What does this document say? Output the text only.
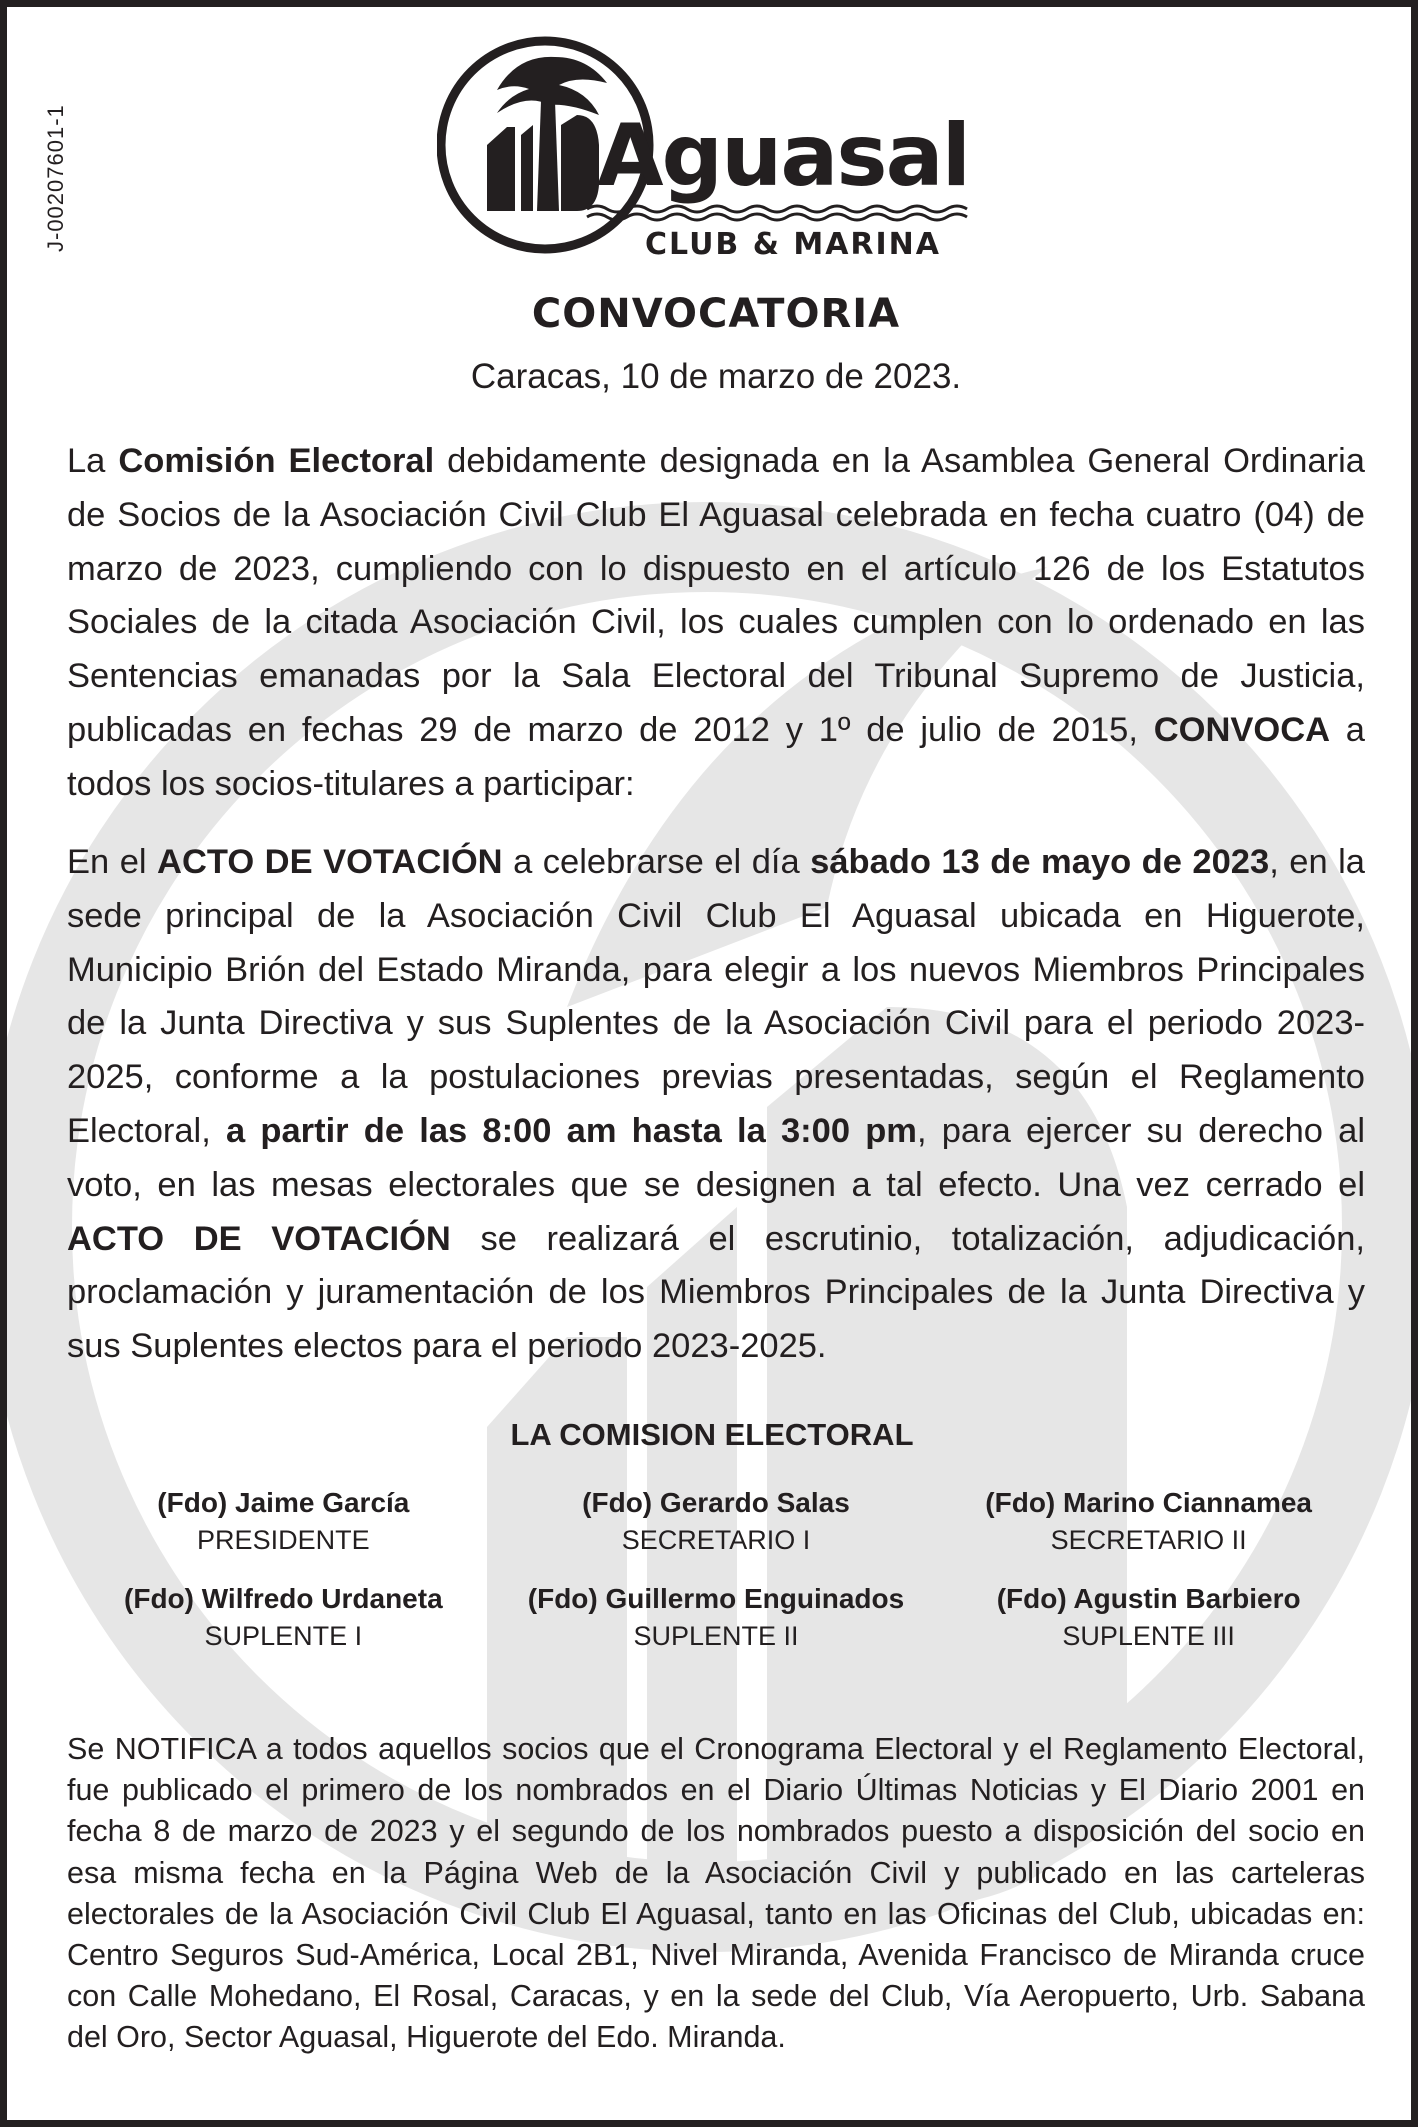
J-00207601-1	Aguasal
CLUB & MARINA
CONVOCATORIA
Caracas, 10 de marzo de 2023.

La Comisión Electoral debidamente designada en la Asamblea General Ordinaria de Socios de la Asociación Civil Club El Aguasal celebrada en fecha cuatro (04) de marzo de 2023, cumpliendo con lo dispuesto en el artículo 126 de los Estatutos Sociales de la citada Asociación Civil, los cuales cumplen con lo ordenado en las Sentencias emanadas por la Sala Electoral del Tribunal Supremo de Justicia, publicadas en fechas 29 de marzo de 2012 y 1º de julio de 2015, CONVOCA a todos los socios-titulares a participar:

En el ACTO DE VOTACIÓN a celebrarse el día sábado 13 de mayo de 2023, en la sede principal de la Asociación Civil Club El Aguasal ubicada en Higuerote, Municipio Brión del Estado Miranda, para elegir a los nuevos Miembros Principales de la Junta Directiva y sus Suplentes de la Asociación Civil para el periodo 2023-2025, conforme a la postulaciones previas presentadas, según el Reglamento Electoral, a partir de las 8:00 am hasta la 3:00 pm, para ejercer su derecho al voto, en las mesas electorales que se designen a tal efecto. Una vez cerrado el ACTO DE VOTACIÓN se realizará el escrutinio, totalización, adjudicación, proclamación y juramentación de los Miembros Principales de la Junta Directiva y sus Suplentes electos para el periodo 2023-2025.

LA COMISION ELECTORAL
(Fdo) Jaime García
PRESIDENTE
(Fdo) Gerardo Salas
SECRETARIO I
(Fdo) Marino Ciannamea
SECRETARIO II
(Fdo) Wilfredo Urdaneta
SUPLENTE I
(Fdo) Guillermo Enguinados
SUPLENTE II
(Fdo) Agustin Barbiero
SUPLENTE III

Se NOTIFICA a todos aquellos socios que el Cronograma Electoral y el Reglamento Electoral, fue publicado el primero de los nombrados en el Diario Últimas Noticias y El Diario 2001 en fecha 8 de marzo de 2023 y el segundo de los nombrados puesto a disposición del socio en esa misma fecha en la Página Web de la Asociación Civil y publicado en las carteleras electorales de la Asociación Civil Club El Aguasal, tanto en las Oficinas del Club, ubicadas en: Centro Seguros Sud-América, Local 2B1, Nivel Miranda, Avenida Francisco de Miranda cruce con Calle Mohedano, El Rosal, Caracas, y en la sede del Club, Vía Aeropuerto, Urb. Sabana del Oro, Sector Aguasal, Higuerote del Edo. Miranda.
